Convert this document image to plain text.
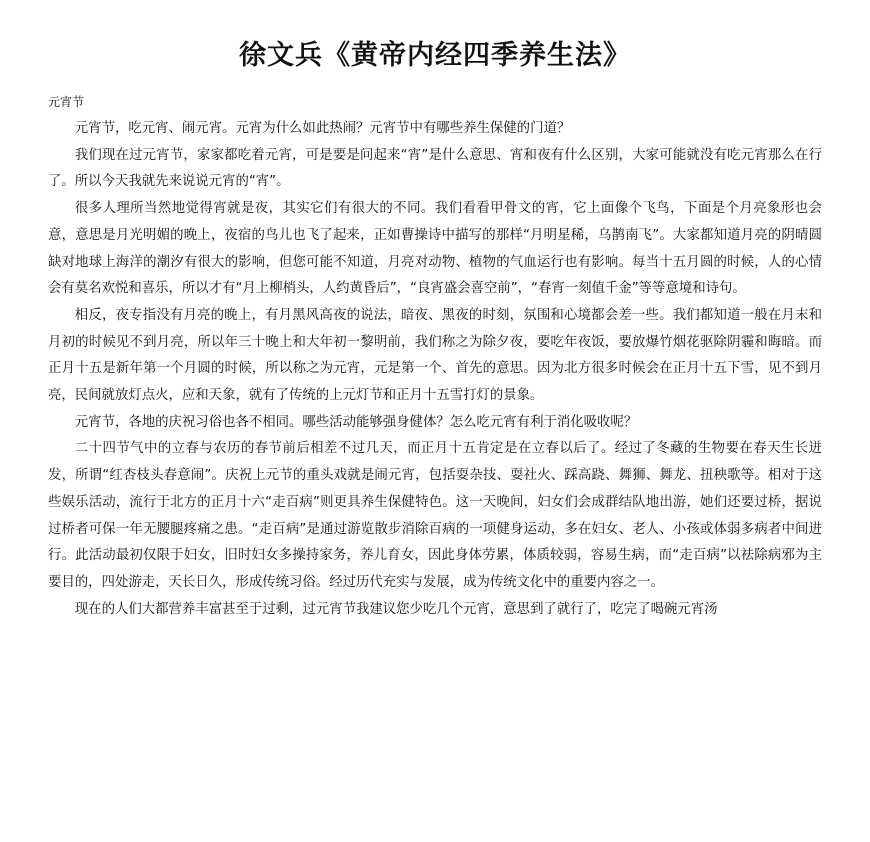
徐文兵《黄帝内经四季养生法》
元宵节

元宵节，吃元宵、闹元宵。元宵为什么如此热闹？元宵节中有哪些养生保健的门道？

我们现在过元宵节，家家都吃着元宵，可是要是问起来“宵”是什么意思、宵和夜有什么区别，大家可能就没有吃元宵那么在行了。所以今天我就先来说说元宵的“宵”。

很多人理所当然地觉得宵就是夜，其实它们有很大的不同。我们看看甲骨文的宵，它上面像个飞鸟，下面是个月亮象形也会意，意思是月光明媚的晚上，夜宿的鸟儿也飞了起来，正如曹操诗中描写的那样“月明星稀，乌鹊南飞”。大家都知道月亮的阴晴圆缺对地球上海洋的潮汐有很大的影响，但您可能不知道，月亮对动物、植物的气血运行也有影响。每当十五月圆的时候，人的心情会有莫名欢悦和喜乐，所以才有“月上柳梢头，人约黄昏后”，“良宵盛会喜空前”，“春宵一刻值千金”等等意境和诗句。

相反，夜专指没有月亮的晚上，有月黑风高夜的说法，暗夜、黑夜的时刻，氛围和心境都会差一些。我们都知道一般在月末和月初的时候见不到月亮，所以年三十晚上和大年初一黎明前，我们称之为除夕夜，要吃年夜饭，要放爆竹烟花驱除阴霾和晦暗。而正月十五是新年第一个月圆的时候，所以称之为元宵，元是第一个、首先的意思。因为北方很多时候会在正月十五下雪，见不到月亮，民间就放灯点火，应和天象，就有了传统的上元灯节和正月十五雪打灯的景象。

元宵节，各地的庆祝习俗也各不相同。哪些活动能够强身健体？怎么吃元宵有利于消化吸收呢？

二十四节气中的立春与农历的春节前后相差不过几天，而正月十五肯定是在立春以后了。经过了冬藏的生物要在春天生长迸发，所谓“红杏枝头春意闹”。庆祝上元节的重头戏就是闹元宵，包括耍杂技、耍社火、踩高跷、舞狮、舞龙、扭秧歌等。相对于这些娱乐活动，流行于北方的正月十六“走百病”则更具养生保健特色。这一天晚间，妇女们会成群结队地出游，她们还要过桥，据说过桥者可保一年无腰腿疼痛之患。“走百病”是通过游览散步消除百病的一项健身运动，多在妇女、老人、小孩或体弱多病者中间进行。此活动最初仅限于妇女，旧时妇女多操持家务，养儿育女，因此身体劳累，体质较弱，容易生病，而“走百病”以祛除病邪为主要目的，四处游走，天长日久，形成传统习俗。经过历代充实与发展，成为传统文化中的重要内容之一。

现在的人们大都营养丰富甚至于过剩，过元宵节我建议您少吃几个元宵，意思到了就行了，吃完了喝碗元宵汤
